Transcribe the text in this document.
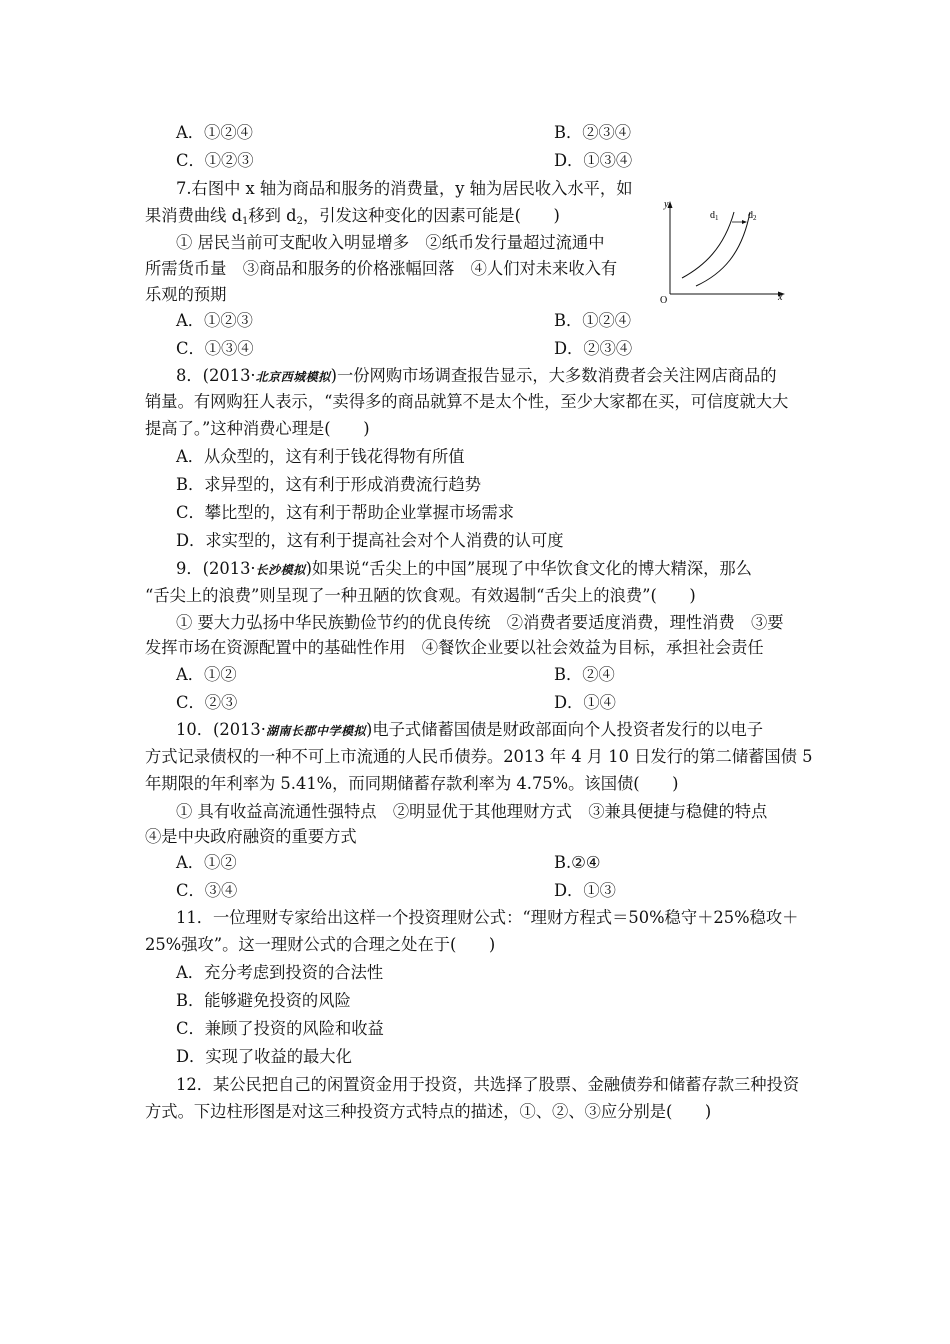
A．①②④	B．②③④
C．①②③	D．①③④
7.右图中 x 轴为商品和服务的消费量，y 轴为居民收入水平，如
果消费曲线 $d_1$移到 $d_2$，引发这种变化的因素可能是(　　)
① 居民当前可支配收入明显增多　②纸币发行量超过流通中
所需货币量　③商品和服务的价格涨幅回落　④人们对未来收入有
乐观的预期
A．①②③	B．①②④
C．①③④	D．②③④
y
x
O
$d_1$	$d_2$
8．(2013·北京西城模拟)一份网购市场调查报告显示，大多数消费者会关注网店商品的
销量。有网购狂人表示，“卖得多的商品就算不是太个性，至少大家都在买，可信度就大大
提高了。”这种消费心理是(　　)
A．从众型的，这有利于钱花得物有所值
B．求异型的，这有利于形成消费流行趋势
C．攀比型的，这有利于帮助企业掌握市场需求
D．求实型的，这有利于提高社会对个人消费的认可度
9．(2013·长沙模拟)如果说“舌尖上的中国”展现了中华饮食文化的博大精深，那么
“舌尖上的浪费”则呈现了一种丑陋的饮食观。有效遏制“舌尖上的浪费”(　　)
① 要大力弘扬中华民族勤俭节约的优良传统　②消费者要适度消费，理性消费　③要
发挥市场在资源配置中的基础性作用　④餐饮企业要以社会效益为目标，承担社会责任
A．①②	B．②④
C．②③	D．①④
10．(2013·湖南长郡中学模拟)电子式储蓄国债是财政部面向个人投资者发行的以电子
方式记录债权的一种不可上市流通的人民币债券。2013 年 4 月 10 日发行的第二储蓄国债 5
年期限的年利率为 5.41%，而同期储蓄存款利率为 4.75%。该国债(　　)
① 具有收益高流通性强特点　②明显优于其他理财方式　③兼具便捷与稳健的特点
④是中央政府融资的重要方式
A．①②	B.②④
C．③④	D．①③
11．一位理财专家给出这样一个投资理财公式：“理财方程式＝50%稳守＋25%稳攻＋
25%强攻”。这一理财公式的合理之处在于(　　)
A．充分考虑到投资的合法性
B．能够避免投资的风险
C．兼顾了投资的风险和收益
D．实现了收益的最大化
12．某公民把自己的闲置资金用于投资，共选择了股票、金融债券和储蓄存款三种投资
方式。下边柱形图是对这三种投资方式特点的描述，①、②、③应分别是(　　)
